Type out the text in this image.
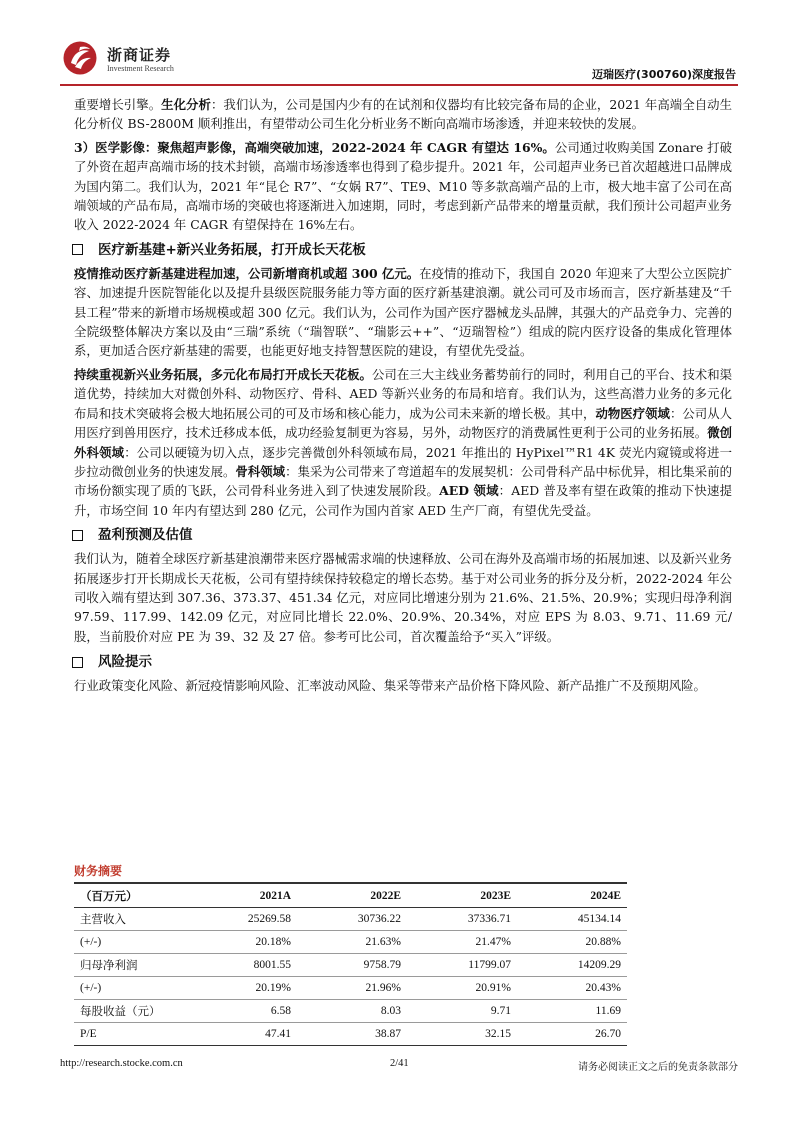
浙商证券
Investment Research	迈瑞医疗(300760)深度报告

重要增长引擎。生化分析：我们认为，公司是国内少有的在试剂和仪器均有比较完备布局的企业，2021 年高端全自动生化分析仪 BS-2800M 顺利推出，有望带动公司生化分析业务不断向高端市场渗透，并迎来较快的发展。

3）医学影像：聚焦超声影像，高端突破加速，2022-2024 年 CAGR 有望达 16%。公司通过收购美国 Zonare 打破了外资在超声高端市场的技术封锁，高端市场渗透率也得到了稳步提升。2021 年，公司超声业务已首次超越进口品牌成为国内第二。我们认为，2021 年“昆仑 R7”、“女娲 R7”、TE9、M10 等多款高端产品的上市，极大地丰富了公司在高端领域的产品布局，高端市场的突破也将逐渐进入加速期，同时，考虑到新产品带来的增量贡献，我们预计公司超声业务收入 2022-2024 年 CAGR 有望保持在 16%左右。

医疗新基建+新兴业务拓展，打开成长天花板

疫情推动医疗新基建进程加速，公司新增商机或超 300 亿元。在疫情的推动下，我国自 2020 年迎来了大型公立医院扩容、加速提升医院智能化以及提升县级医院服务能力等方面的医疗新基建浪潮。就公司可及市场而言，医疗新基建及“千县工程”带来的新增市场规模或超 300 亿元。我们认为，公司作为国产医疗器械龙头品牌，其强大的产品竞争力、完善的全院级整体解决方案以及由“三瑞”系统（“瑞智联”、“瑞影云++”、“迈瑞智检”）组成的院内医疗设备的集成化管理体系，更加适合医疗新基建的需要，也能更好地支持智慧医院的建设，有望优先受益。

持续重视新兴业务拓展，多元化布局打开成长天花板。公司在三大主线业务蓄势前行的同时，利用自己的平台、技术和渠道优势，持续加大对微创外科、动物医疗、骨科、AED 等新兴业务的布局和培育。我们认为，这些高潜力业务的多元化布局和技术突破将会极大地拓展公司的可及市场和核心能力，成为公司未来新的增长极。其中，动物医疗领域：公司从人用医疗到兽用医疗，技术迁移成本低，成功经验复制更为容易，另外，动物医疗的消费属性更利于公司的业务拓展。微创外科领域：公司以硬镜为切入点，逐步完善微创外科领域布局，2021 年推出的 HyPixel™R1 4K 荧光内窥镜或将进一步拉动微创业务的快速发展。骨科领域：集采为公司带来了弯道超车的发展契机：公司骨科产品中标优异，相比集采前的市场份额实现了质的飞跃，公司骨科业务进入到了快速发展阶段。AED 领域：AED 普及率有望在政策的推动下快速提升，市场空间 10 年内有望达到 280 亿元，公司作为国内首家 AED 生产厂商，有望优先受益。

盈利预测及估值

我们认为，随着全球医疗新基建浪潮带来医疗器械需求端的快速释放、公司在海外及高端市场的拓展加速、以及新兴业务拓展逐步打开长期成长天花板，公司有望持续保持较稳定的增长态势。基于对公司业务的拆分及分析，2022-2024 年公司收入端有望达到 307.36、373.37、451.34 亿元，对应同比增速分别为 21.6%、21.5%、20.9%；实现归母净利润 97.59、117.99、142.09 亿元，对应同比增长 22.0%、20.9%、20.34%，对应 EPS 为 8.03、9.71、11.69 元/股，当前股价对应 PE 为 39、32 及 27 倍。参考可比公司，首次覆盖给予“买入”评级。

风险提示

行业政策变化风险、新冠疫情影响风险、汇率波动风险、集采等带来产品价格下降风险、新产品推广不及预期风险。

财务摘要
（百万元）	2021A	2022E	2023E	2024E
主营收入	25269.58	30736.22	37336.71	45134.14
(+/-)	20.18%	21.63%	21.47%	20.88%
归母净利润	8001.55	9758.79	11799.07	14209.29
(+/-)	20.19%	21.96%	20.91%	20.43%
每股收益（元）	6.58	8.03	9.71	11.69
P/E	47.41	38.87	32.15	26.70
http://research.stocke.com.cn	2/41	请务必阅读正文之后的免责条款部分
